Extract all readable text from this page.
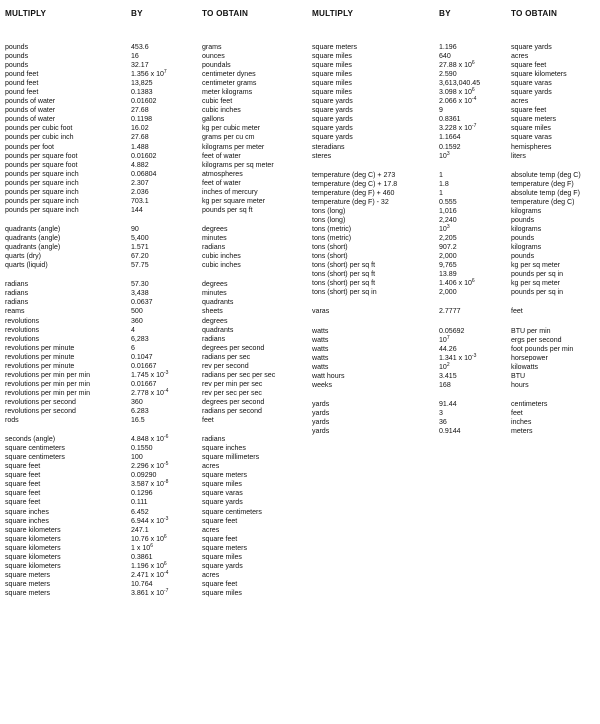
MULTIPLY	BY	TO OBTAIN	MULTIPLY	BY	TO OBTAIN
pounds	453.6	grams
pounds	16	ounces
pounds	32.17	poundals
pound feet	1.356 x $10^7$	centimeter dynes
pound feet	13,825	centimeter grams
pound feet	0.1383	meter kilograms
pounds of water	0.01602	cubic feet
pounds of water	27.68	cubic inches
pounds of water	0.1198	gallons
pounds per cubic foot	16.02	kg per cubic meter
pounds per cubic inch	27.68	grams per cu cm
pounds per foot	1.488	kilograms per meter
pounds per square foot	0.01602	feet of water
pounds per square foot	4.882	kilograms per sq meter
pounds per square inch	0.06804	atmospheres
pounds per square inch	2.307	feet of water
pounds per square inch	2.036	inches of mercury
pounds per square inch	703.1	kg per square meter
pounds per square inch	144	pounds per sq ft
quadrants (angle)	90	degrees
quadrants (angle)	5,400	minutes
quadrants (angle)	1.571	radians
quarts (dry)	67.20	cubic inches
quarts (liquid)	57.75	cubic inches
radians	57.30	degrees
radians	3,438	minutes
radians	0.0637	quadrants
reams	500	sheets
revolutions	360	degrees
revolutions	4	quadrants
revolutions	6,283	radians
revolutions per minute	6	degrees per second
revolutions per minute	0.1047	radians per sec
revolutions per minute	0.01667	rev per second
revolutions per min per min	1.745 x $10^{-3}$	radians per sec per sec
revolutions per min per min	0.01667	rev per min per sec
revolutions per min per min	2.778 x $10^{-4}$	rev per sec per sec
revolutions per second	360	degrees per second
revolutions per second	6.283	radians per second
rods	16.5	feet
seconds (angle)	4.848 x $10^{-6}$	radians
square centimeters	0.1550	square inches
square centimeters	100	square millimeters
square feet	2.296 x $10^{-5}$	acres
square feet	0.09290	square meters
square feet	3.587 x $10^{-8}$	square miles
square feet	0.1296	square varas
square feet	0.111	square yards
square inches	6.452	square centimeters
square inches	6.944 x $10^{-3}$	square feet
square kilometers	247.1	acres
square kilometers	10.76 x $10^6$	square feet
square kilometers	1 x $10^6$	square meters
square kilometers	0.3861	square miles
square kilometers	1.196 x $10^6$	square yards
square meters	2.471 x $10^{-4}$	acres
square meters	10.764	square feet
square meters	3.861 x $10^{-7}$	square miles
square meters	1.196	square yards
square miles	640	acres
square miles	27.88 x $10^6$	square feet
square miles	2.590	square kilometers
square miles	3,613,040.45	square varas
square miles	3.098 x $10^6$	square yards
square yards	2.066 x $10^{-4}$	acres
square yards	9	square feet
square yards	0.8361	square meters
square yards	3.228 x $10^{-7}$	square miles
square yards	1.1664	square varas
steradians	0.1592	hemispheres
steres	$10^3$	liters
temperature (deg C) + 273	1	absolute temp (deg C)
temperature (deg C) + 17.8	1.8	temperature (deg F)
temperature (deg F) + 460	1	absolute temp (deg F)
temperature (deg F) - 32	0.555	temperature (deg C)
tons (long)	1,016	kilograms
tons (long)	2,240	pounds
tons (metric)	$10^3$	kilograms
tons (metric)	2,205	pounds
tons (short)	907.2	kilograms
tons (short)	2,000	pounds
tons (short) per sq ft	9,765	kg per sq meter
tons (short) per sq ft	13.89	pounds per sq in
tons (short) per sq ft	1.406 x $10^6$	kg per sq meter
tons (short) per sq in	2,000	pounds per sq in
varas	2.7777	feet
watts	0.05692	BTU per min
watts	$10^7$	ergs per second
watts	44.26	foot pounds per min
watts	1.341 x $10^{-3}$	horsepower
watts	$10^2$	kilowatts
watt hours	3.415	BTU
weeks	168	hours
yards	91.44	centimeters
yards	3	feet
yards	36	inches
yards	0.9144	meters
